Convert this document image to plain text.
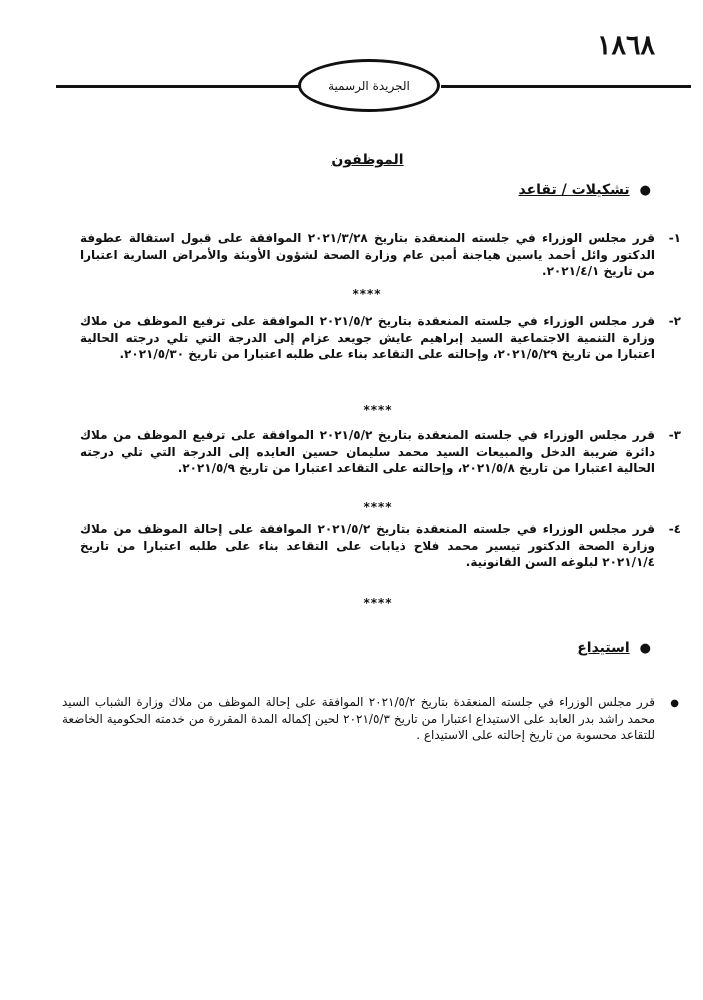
١٨٦٨
الجريدة الرسمية
الموظفون
●تشكيلات / تقاعد
١-
قرر مجلس الوزراء في جلسته المنعقدة بتاريخ ٢٠٢١/٣/٢٨ الموافقة على قبول استقالة عطوفة الدكتور وائل أحمد ياسين هياجنة أمين عام وزارة الصحة لشؤون الأوبئة والأمراض السارية اعتبارا من تاريخ ٢٠٢١/٤/١.
****
٢-
قرر مجلس الوزراء في جلسته المنعقدة بتاريخ ٢٠٢١/٥/٢ الموافقة على ترفيع الموظف من ملاك وزارة التنمية الاجتماعية السيد إبراهيم عايش جويعد عزام إلى الدرجة التي تلي درجته الحالية اعتبارا من تاريخ ٢٠٢١/٥/٢٩، وإحالته على التقاعد بناء على طلبه اعتبارا من تاريخ ٢٠٢١/٥/٣٠.
****
٣-
قرر مجلس الوزراء في جلسته المنعقدة بتاريخ ٢٠٢١/٥/٢ الموافقة على ترفيع الموظف من ملاك دائرة ضريبة الدخل والمبيعات السيد محمد سليمان حسين العايده إلى الدرجة التي تلي درجته الحالية اعتبارا من تاريخ ٢٠٢١/٥/٨، وإحالته على التقاعد اعتبارا من تاريخ ٢٠٢١/٥/٩.
****
٤-
قرر مجلس الوزراء في جلسته المنعقدة بتاريخ ٢٠٢١/٥/٢ الموافقة على إحالة الموظف من ملاك وزارة الصحة الدكتور تيسير محمد فلاح ذيابات على التقاعد بناء على طلبه اعتبارا من تاريخ ٢٠٢١/١/٤ لبلوغه السن القانونية.
****
●استيداع
●
قرر مجلس الوزراء في جلسته المنعقدة بتاريخ ٢٠٢١/٥/٢ الموافقة على إحالة الموظف من ملاك وزارة الشباب السيد محمد راشد بدر العابد على الاستيداع اعتبارا من تاريخ ٢٠٢١/٥/٣ لحين إكماله المدة المقررة من خدمته الحكومية الخاضعة للتقاعد محسوبة من تاريخ إحالته على الاستيداع .
